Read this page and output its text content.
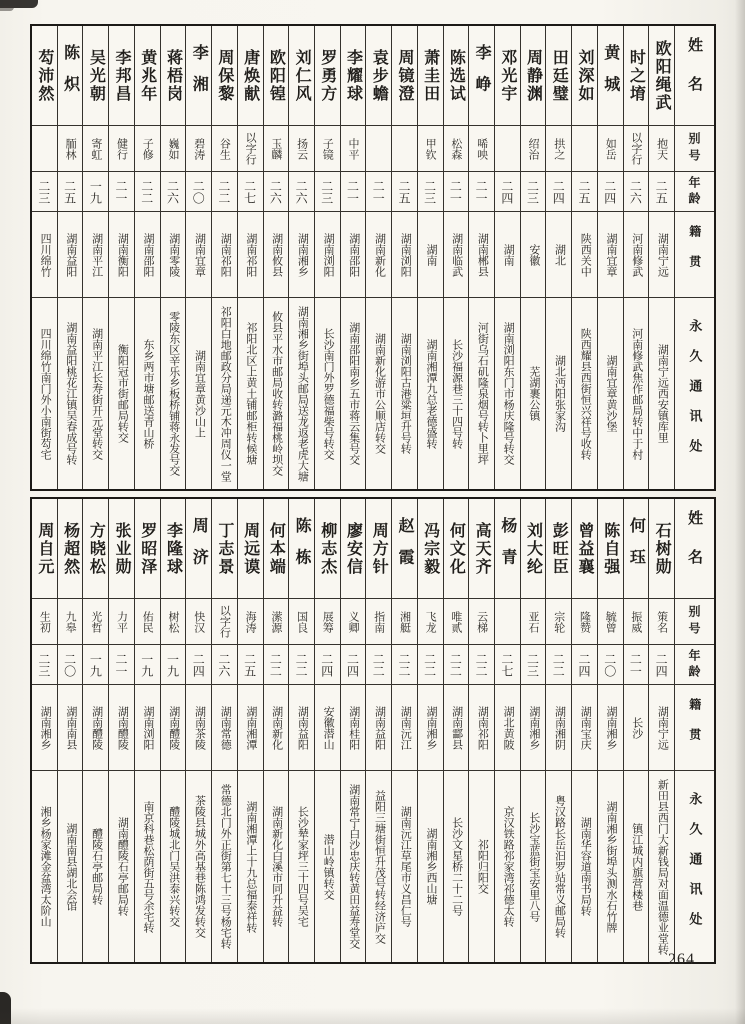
姓名
别号
年龄
籍贯
永久通讯处
欧阳绳武
抱天
二五
湖南宁远
湖南宁远西安镇库里
时之堉
以字行
二六
河南修武
河南修武焦作邮局转中于村
黄城
如岳
二四
湖南宜章
湖南宜章黄沙堡
刘深如
二五
陕西关中
陕西耀县西街恒兴祥号收转
田廷璧
拱之
二四
湖北
湖北沔阳张家沟
周静渊
绍治
二三
安徽
芜湖裹公镇
邓光宇
二四
湖南
湖南浏阳东门市杨庆隆号转交
李峥
唏咉
二一
湖南郴县
河街乌石矶隆泉烟号转卜里坪
陈选试
松森
二一
湖南临武
长沙福源巷三十四号转
萧圭田
甲钦
二三
湖南
湖南湘潭九总老德盛转
周镜澄
二五
湖南浏阳
湖南浏阳古港粱垣升号转
袁步蟾
二一
湖南新化
湖南新化游市公顺店转交
李耀球
中平
二一
湖南邵阳
湖南邵阳南乡五市蒋云集号交
罗勇方
子镜
二三
湖南浏阳
长沙南门外罗德福柴号转交
刘仁风
扬云
二六
湖南湘乡
湖南湘乡街埠头邮局送龙返老虎大塘
欧阳锽
玉麟
二六
湖南攸县
攸县平水市邮局收转潞福桃岭坝交
唐焕献
以字行
二七
湖南祁阳
祁阳北区上黄土铺邮柜转候塘
周保黎
谷生
二二
湖南祁阳
祁阳白地邮政分局递元木冲周仪一堂
李湘
碧涛
二〇
湖南宜章
湖南宜章黄沙山上
蒋梧岗
巍如
二六
湖南零陵
零陵东区辛乐乡板桥铺蒋永发号交
黄兆年
子修
二二
湖南邵阳
东乡两市塘邮送青山桥
李邦昌
健行
二一
湖南衡阳
衡阳冠市街邮局转交
吴光朝
寄虹
一九
湖南平江
湖南平江长寿街开元堂转交
陈炽
胹林
二五
湖南益阳
湖南益阳桃花江镇吴春成号转
芶沛然
二三
四川绵竹
四川绵竹南门外小南街芶宅
姓名
别号
年龄
籍贯
永久通讯处
石树勋
策名
二四
湖南宁远
新田县西门大新钱局对面温德业堂转
何珏
振威
二一
长沙
镇江城内旗营楼巷
陈自强
毓曾
二〇
湖南湘乡
湖南湘乡街埠头测水石竹牌
曾益襄
隆赞
二四
湖南宝庆
湖南华容道南书局转
彭旺臣
宗轮
二二
湖南湘阴
粤汉路长岳汩罗站常义邮局转
刘大纶
亚石
二三
湖南湘乡
长沙宝蓝街宝安里八号
杨青
二七
湖北黄陂
京汉铁路祁家湾祁德太转
高天齐
云梯
二二
湖南祁阳
祁阳归阳交
何文化
唯贰
二二
湖南酃县
长沙文星桥二十二号
冯宗毅
飞龙
二二
湖南湘乡
湖南湘乡西山塘
赵霞
湘艇
二二
湖南沅江
湖南沅江草尾市义昌仁号
周方针
指南
二二
湖南益阳
益阳三塘街恒升茂号转经济庐交
廖安信
义卿
二四
湖南桂阳
湖南常宁白沙忠庆转黄田益寿堂交
柳志杰
展筹
二四
安徽潜山
潜山岭镇转交
陈栋
国良
二二
湖南益阳
长沙辇家坪三十四号吴宅
何本端
潆源
二二
湖南新化
湖南新化白溪市同升益转
周远谟
海涛
二五
湖南湘潭
湖南湘潭上十九总福泰祥转
丁志景
以字行
二六
湖南常德
常德北门外正街第七十三号杨宅转
周济
快汉
二四
湖南茶陵
茶陵县城外高基巷陈鸿发转交
李隆球
树松
一九
湖南醴陵
醴陵城北门吴洪泰兴转交
罗昭泽
佑民
一九
湖南浏阳
南京科巷松荫街五号余宅转
张业勋
力平
二一
湖南醴陵
湖南醴陵石亭邮局转
方晓松
光哲
一九
湖南醴陵
醴陵石亭邮局转
杨超然
九皋
二〇
湖南南县
湖南南县湖北会馆
周自元
生初
二三
湖南湘乡
湘乡杨家滩金盆湾太阶山
264
